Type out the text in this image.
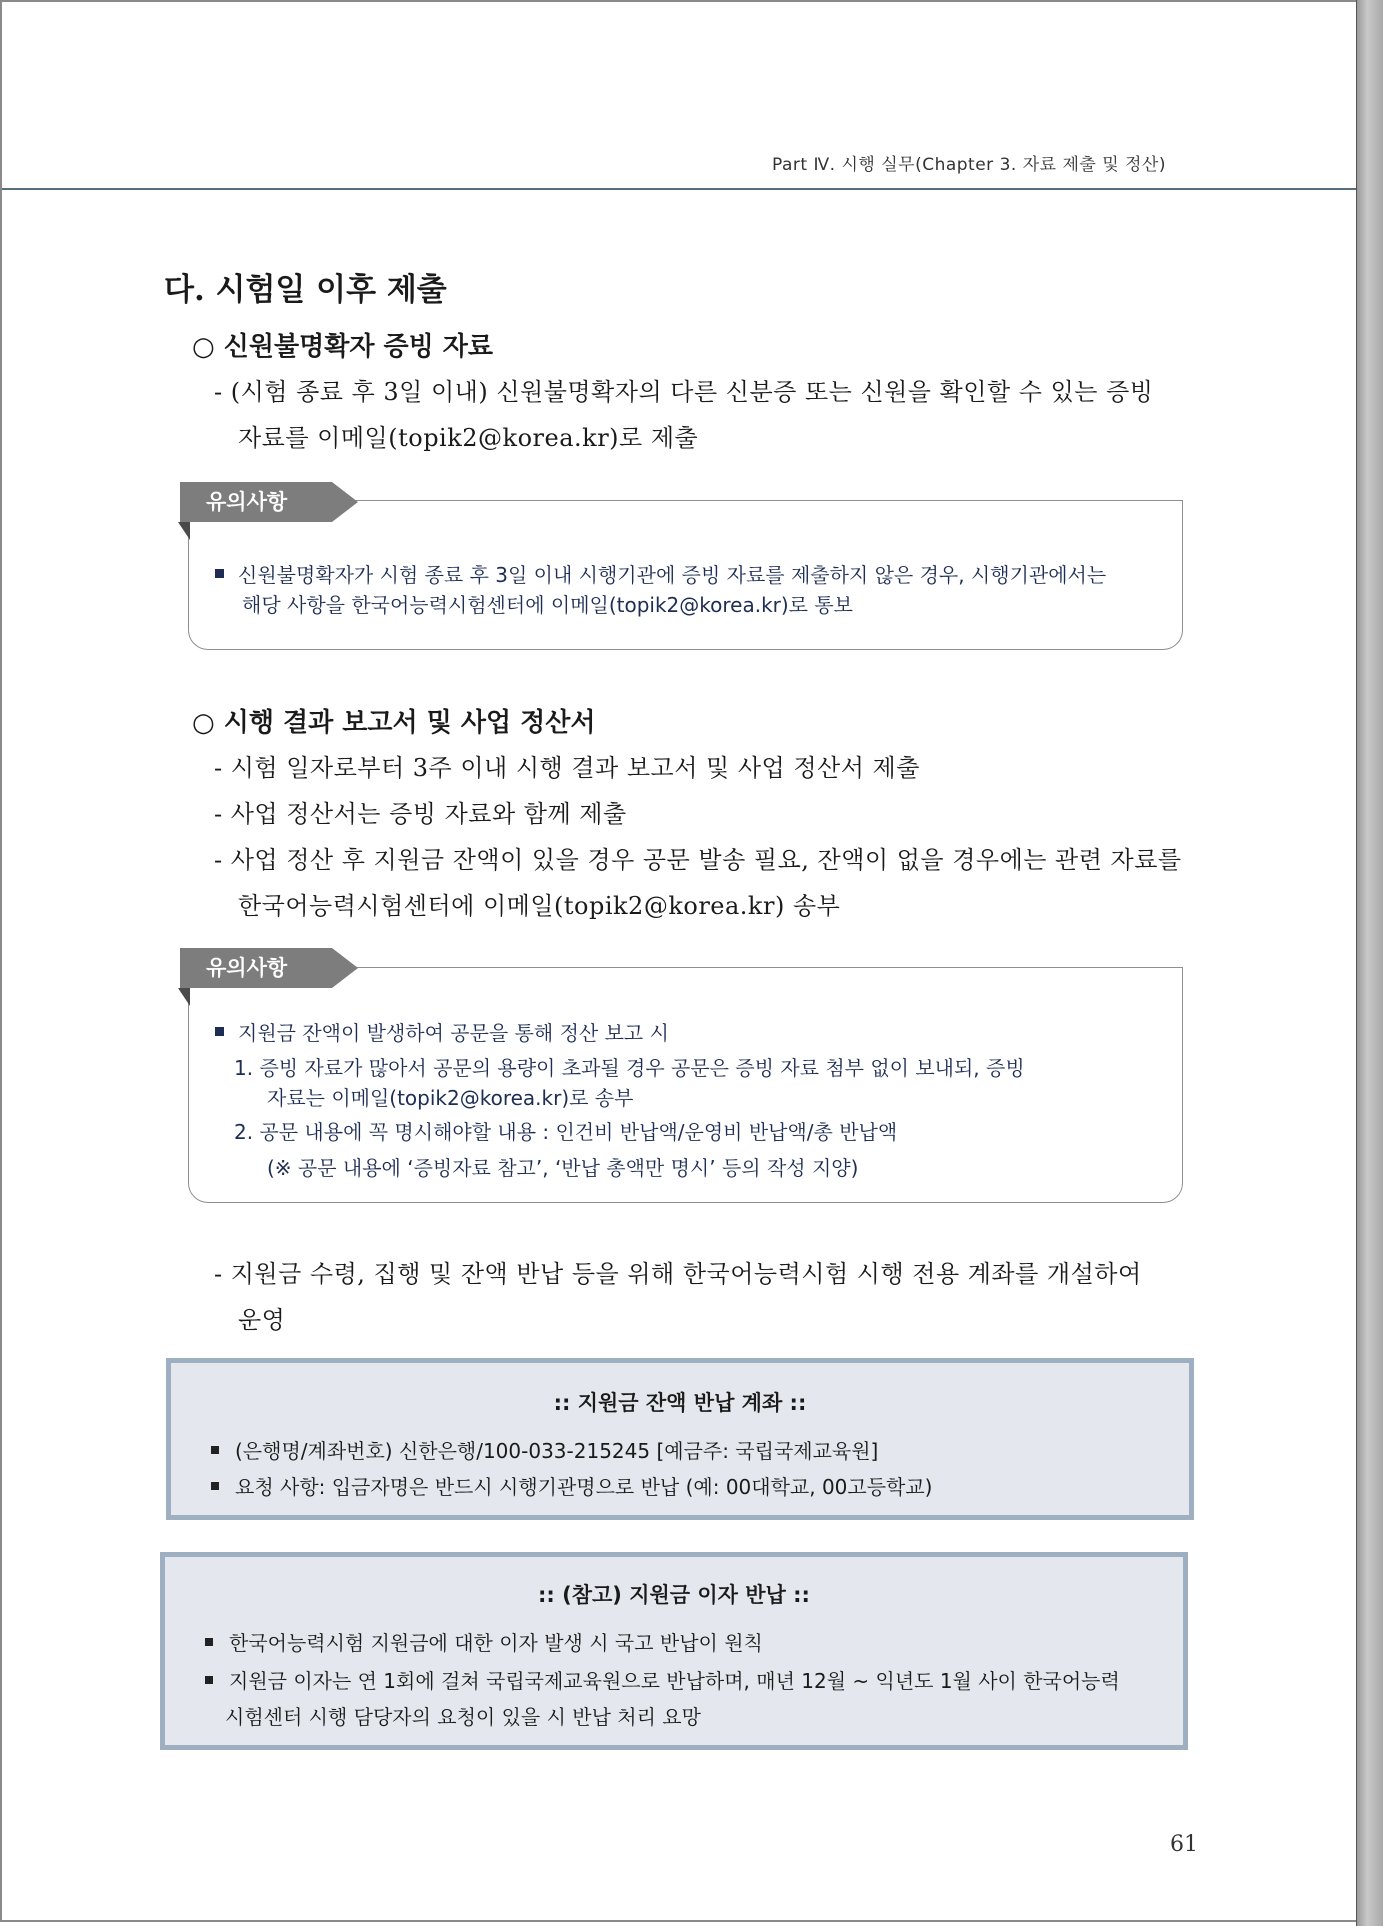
Part Ⅳ. 시행 실무(Chapter 3. 자료 제출 및 정산)
다. 시험일 이후 제출
○ 신원불명확자 증빙 자료
- (시험 종료 후 3일 이내) 신원불명확자의 다른 신분증 또는 신원을 확인할 수 있는 증빙
자료를 이메일(topik2@korea.kr)로 제출
신원불명확자가 시험 종료 후 3일 이내 시행기관에 증빙 자료를 제출하지 않은 경우, 시행기관에서는
해당 사항을 한국어능력시험센터에 이메일(topik2@korea.kr)로 통보
유의사항
○ 시행 결과 보고서 및 사업 정산서
- 시험 일자로부터 3주 이내 시행 결과 보고서 및 사업 정산서 제출
- 사업 정산서는 증빙 자료와 함께 제출
- 사업 정산 후 지원금 잔액이 있을 경우 공문 발송 필요, 잔액이 없을 경우에는 관련 자료를
한국어능력시험센터에 이메일(topik2@korea.kr) 송부
지원금 잔액이 발생하여 공문을 통해 정산 보고 시
1. 증빙 자료가 많아서 공문의 용량이 초과될 경우 공문은 증빙 자료 첨부 없이 보내되, 증빙
자료는 이메일(topik2@korea.kr)로 송부
2. 공문 내용에 꼭 명시해야할 내용 : 인건비 반납액/운영비 반납액/총 반납액
(※ 공문 내용에 ‘증빙자료 참고’, ‘반납 총액만 명시’ 등의 작성 지양)
유의사항
- 지원금 수령, 집행 및 잔액 반납 등을 위해 한국어능력시험 시행 전용 계좌를 개설하여
운영
:: 지원금 잔액 반납 계좌 ::
(은행명/계좌번호) 신한은행/100-033-215245 [예금주: 국립국제교육원]
요청 사항: 입금자명은 반드시 시행기관명으로 반납 (예: 00대학교, 00고등학교)
:: (참고) 지원금 이자 반납 ::
한국어능력시험 지원금에 대한 이자 발생 시 국고 반납이 원칙
지원금 이자는 연 1회에 걸쳐 국립국제교육원으로 반납하며, 매년 12월 ~ 익년도 1월 사이 한국어능력
시험센터 시행 담당자의 요청이 있을 시 반납 처리 요망
61
